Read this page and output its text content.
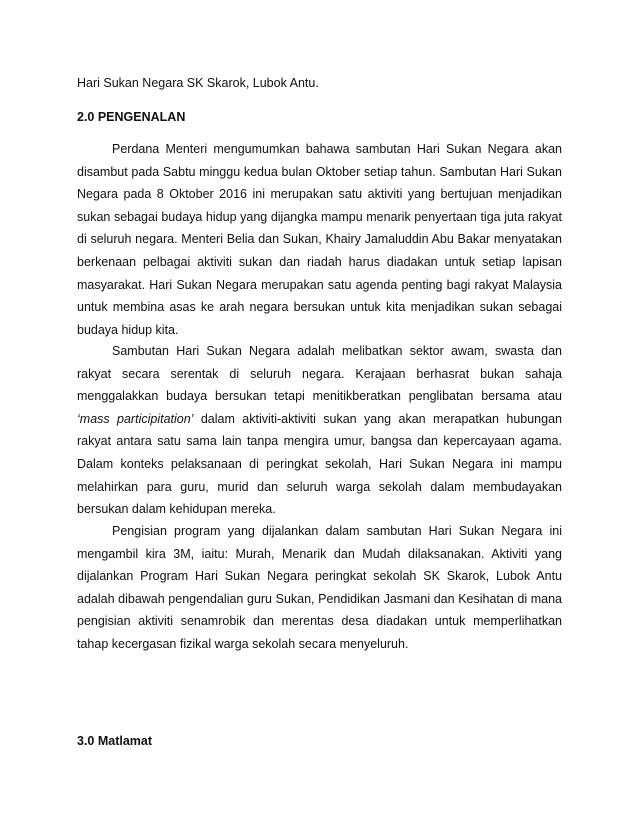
Hari Sukan Negara SK Skarok, Lubok Antu.
2.0 PENGENALAN

Perdana Menteri mengumumkan bahawa sambutan Hari Sukan Negara akan disambut pada Sabtu minggu kedua bulan Oktober setiap tahun. Sambutan Hari Sukan Negara pada 8 Oktober 2016 ini merupakan satu aktiviti yang bertujuan menjadikan sukan sebagai budaya hidup yang dijangka mampu menarik penyertaan tiga juta rakyat di seluruh negara. Menteri Belia dan Sukan, Khairy Jamaluddin Abu Bakar menyatakan berkenaan pelbagai aktiviti sukan dan riadah harus diadakan untuk setiap lapisan masyarakat. Hari Sukan Negara merupakan satu agenda penting bagi rakyat Malaysia untuk membina asas ke arah negara bersukan untuk kita menjadikan sukan sebagai budaya hidup kita.

Sambutan Hari Sukan Negara adalah melibatkan sektor awam, swasta dan rakyat secara serentak di seluruh negara. Kerajaan berhasrat bukan sahaja menggalakkan budaya bersukan tetapi menitikberatkan penglibatan bersama atau ‘mass participitation’ dalam aktiviti-aktiviti sukan yang akan merapatkan hubungan rakyat antara satu sama lain tanpa mengira umur, bangsa dan kepercayaan agama. Dalam konteks pelaksanaan di peringkat sekolah, Hari Sukan Negara ini mampu melahirkan para guru, murid dan seluruh warga sekolah dalam membudayakan bersukan dalam kehidupan mereka.

Pengisian program yang dijalankan dalam sambutan Hari Sukan Negara ini mengambil kira 3M, iaitu: Murah, Menarik dan Mudah dilaksanakan. Aktiviti yang dijalankan Program Hari Sukan Negara peringkat sekolah SK Skarok, Lubok Antu adalah dibawah pengendalian guru Sukan, Pendidikan Jasmani dan Kesihatan di mana pengisian aktiviti senamrobik dan merentas desa diadakan untuk memperlihatkan tahap kecergasan fizikal warga sekolah secara menyeluruh.

3.0 Matlamat
